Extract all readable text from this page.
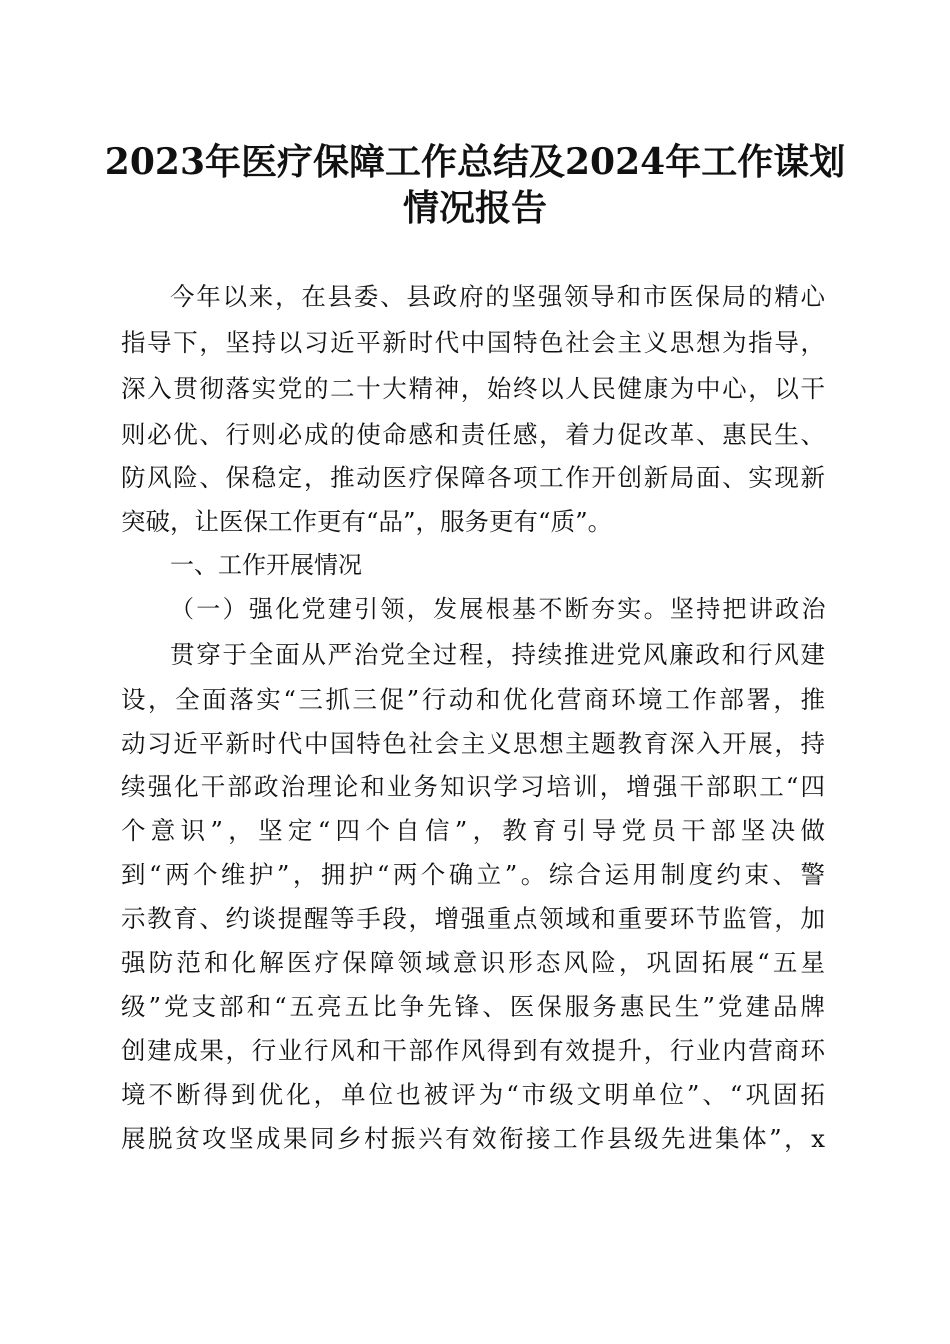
2023年医疗保障工作总结及2024年工作谋划
情况报告

今年以来，在县委、县政府的坚强领导和市医保局的精心

指导下，坚持以习近平新时代中国特色社会主义思想为指导，

深入贯彻落实党的二十大精神，始终以人民健康为中心，以干

则必优、行则必成的使命感和责任感，着力促改革、惠民生、

防风险、保稳定，推动医疗保障各项工作开创新局面、实现新

突破，让医保工作更有“品”，服务更有“质”。

一、工作开展情况

（一）强化党建引领，发展根基不断夯实。坚持把讲政治

贯穿于全面从严治党全过程，持续推进党风廉政和行风建

设，全面落实“三抓三促”行动和优化营商环境工作部署，推

动习近平新时代中国特色社会主义思想主题教育深入开展，持

续强化干部政治理论和业务知识学习培训，增强干部职工“四

个意识”，坚定“四个自信”，教育引导党员干部坚决做

到“两个维护”，拥护“两个确立”。综合运用制度约束、警

示教育、约谈提醒等手段，增强重点领域和重要环节监管，加

强防范和化解医疗保障领域意识形态风险，巩固拓展“五星

级”党支部和“五亮五比争先锋、医保服务惠民生”党建品牌

创建成果，行业行风和干部作风得到有效提升，行业内营商环

境不断得到优化，单位也被评为“市级文明单位”、“巩固拓

展脱贫攻坚成果同乡村振兴有效衔接工作县级先进集体”，x
